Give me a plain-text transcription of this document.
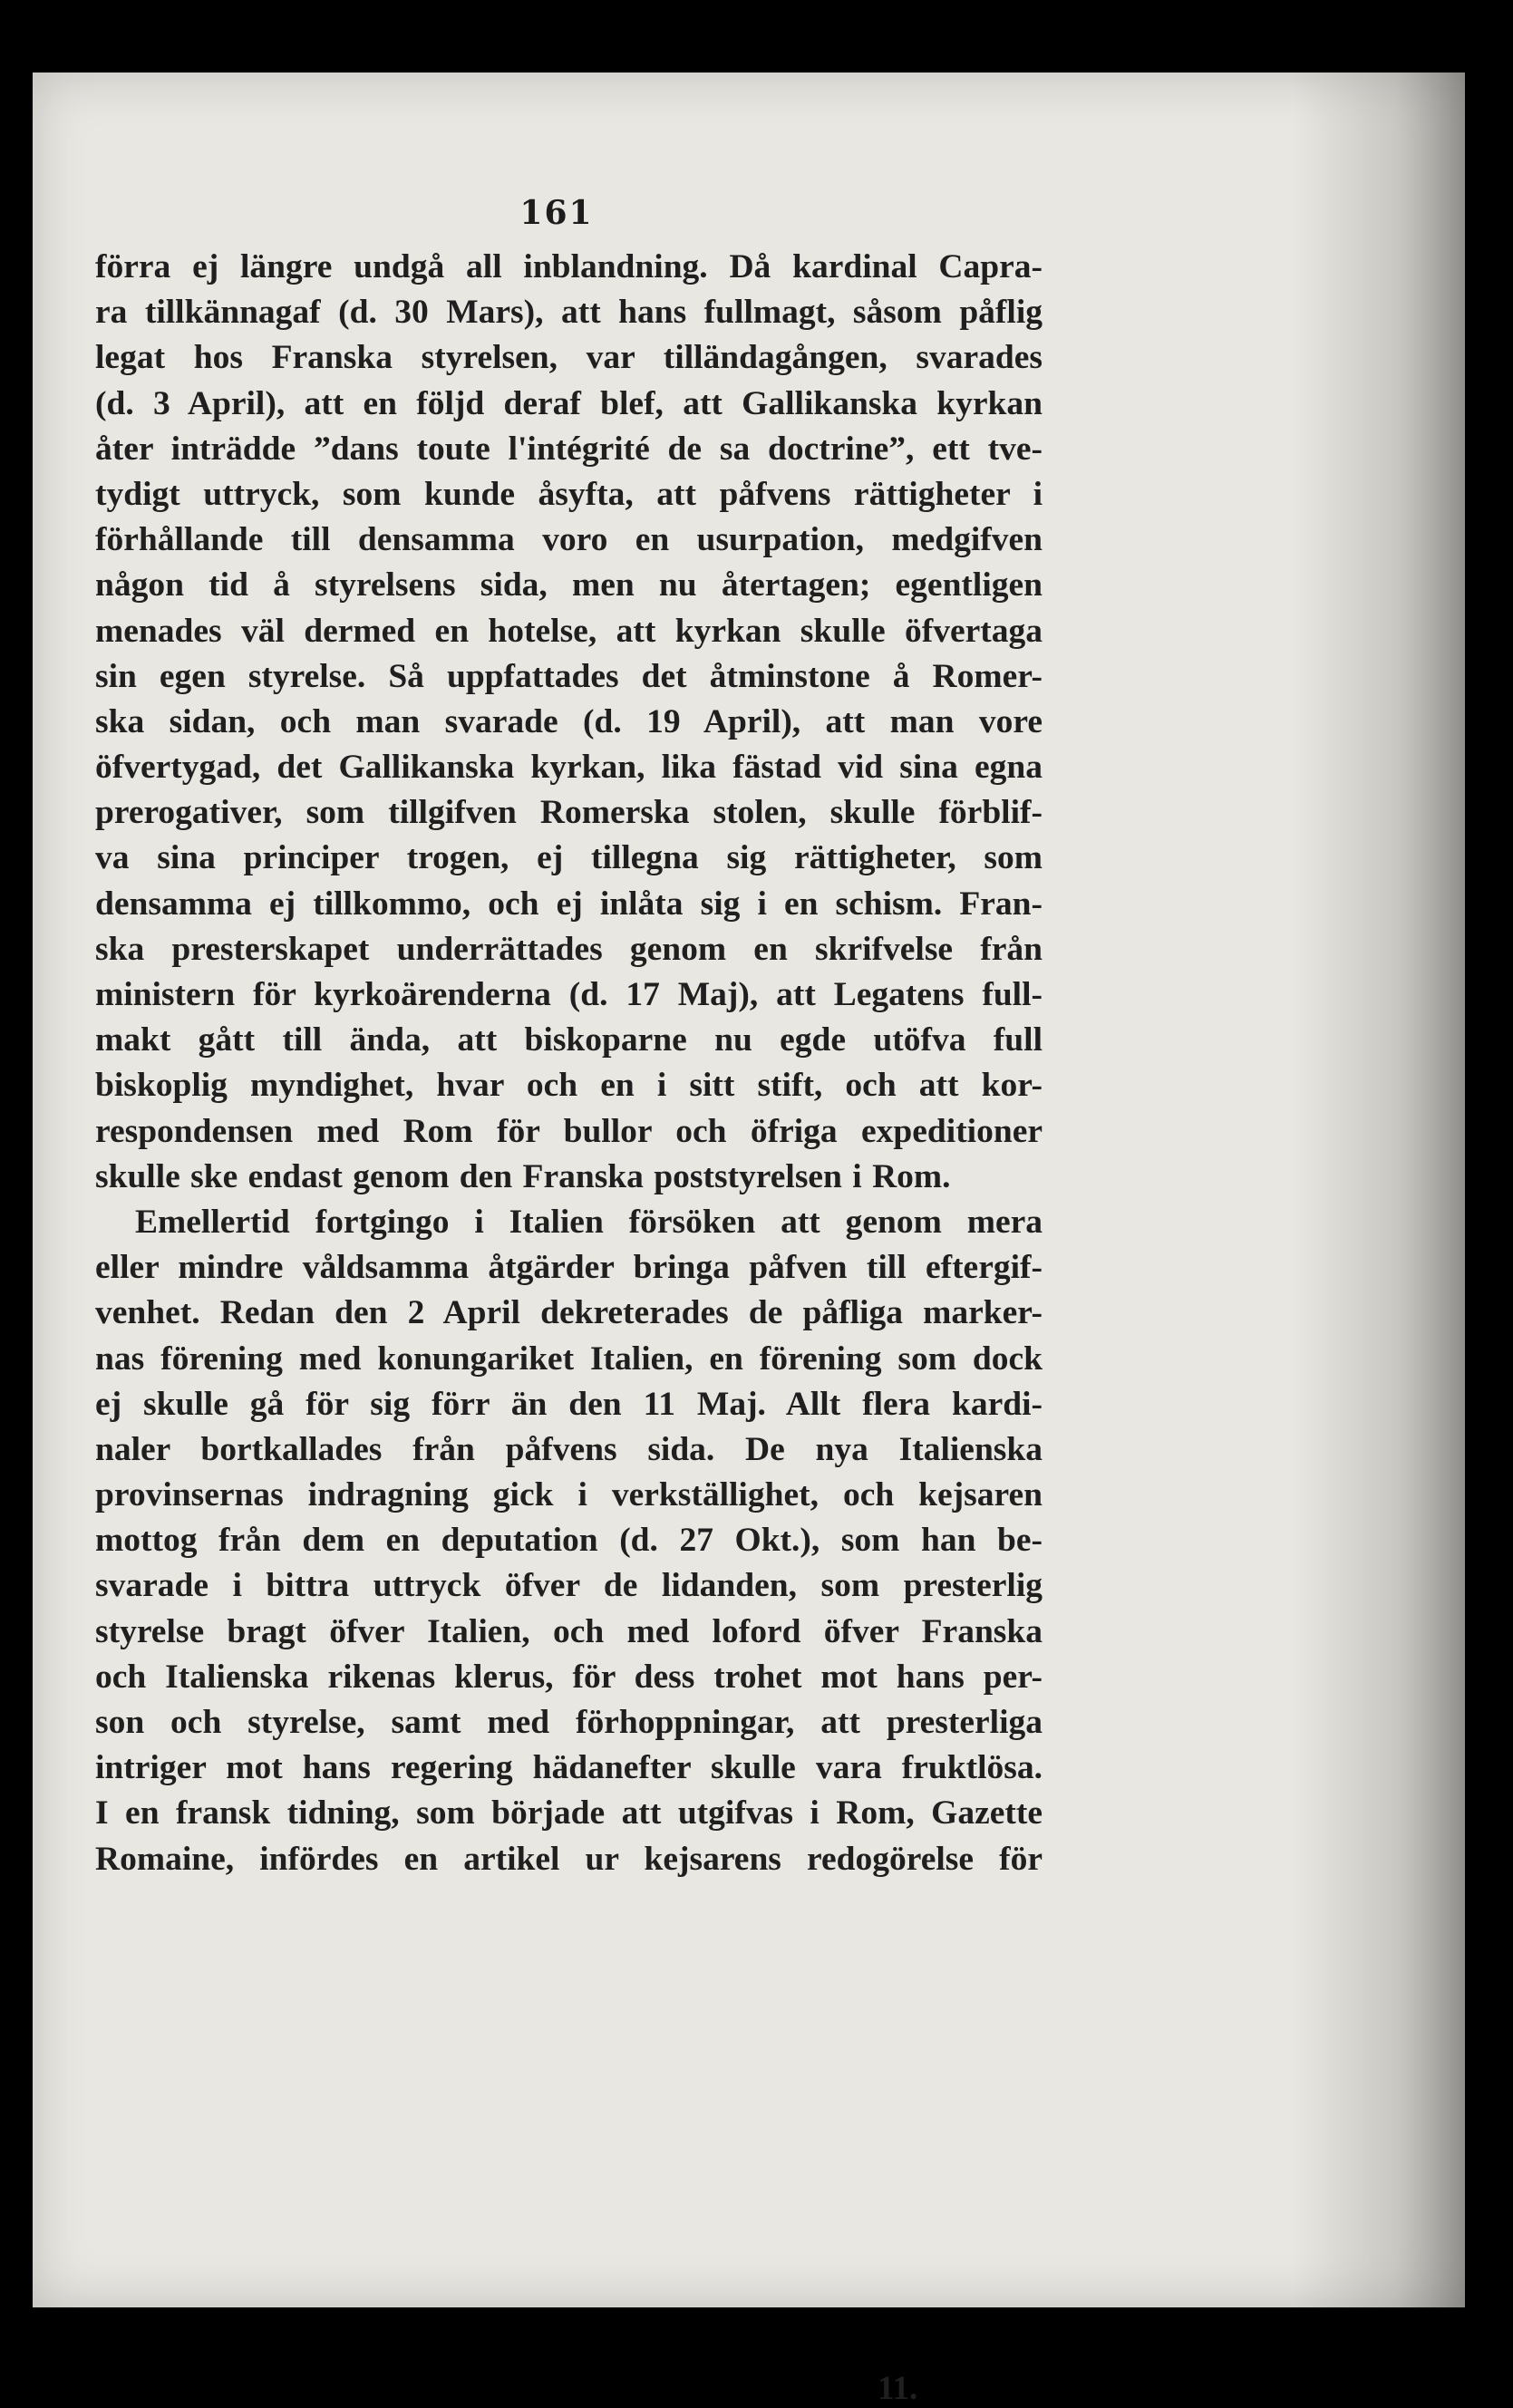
161
förra ej längre undgå all inblandning. Då kardinal Capra-
ra tillkännagaf (d. 30 Mars), att hans fullmagt, såsom påflig
legat hos Franska styrelsen, var tilländagången, svarades
(d. 3 April), att en följd deraf blef, att Gallikanska kyrkan
åter inträdde ”dans toute l'intégrité de sa doctrine”, ett tve-
tydigt uttryck, som kunde åsyfta, att påfvens rättigheter i
förhållande till densamma voro en usurpation, medgifven
någon tid å styrelsens sida, men nu återtagen; egentligen
menades väl dermed en hotelse, att kyrkan skulle öfvertaga
sin egen styrelse. Så uppfattades det åtminstone å Romer-
ska sidan, och man svarade (d. 19 April), att man vore
öfvertygad, det Gallikanska kyrkan, lika fästad vid sina egna
prerogativer, som tillgifven Romerska stolen, skulle förblif-
va sina principer trogen, ej tillegna sig rättigheter, som
densamma ej tillkommo, och ej inlåta sig i en schism. Fran-
ska presterskapet underrättades genom en skrifvelse från
ministern för kyrkoärenderna (d. 17 Maj), att Legatens full-
makt gått till ända, att biskoparne nu egde utöfva full
biskoplig myndighet, hvar och en i sitt stift, och att kor-
respondensen med Rom för bullor och öfriga expeditioner
skulle ske endast genom den Franska poststyrelsen i Rom.
Emellertid fortgingo i Italien försöken att genom mera
eller mindre våldsamma åtgärder bringa påfven till eftergif-
venhet. Redan den 2 April dekreterades de påfliga marker-
nas förening med konungariket Italien, en förening som dock
ej skulle gå för sig förr än den 11 Maj. Allt flera kardi-
naler bortkallades från påfvens sida. De nya Italienska
provinsernas indragning gick i verkställighet, och kejsaren
mottog från dem en deputation (d. 27 Okt.), som han be-
svarade i bittra uttryck öfver de lidanden, som presterlig
styrelse bragt öfver Italien, och med loford öfver Franska
och Italienska rikenas klerus, för dess trohet mot hans per-
son och styrelse, samt med förhoppningar, att presterliga
intriger mot hans regering hädanefter skulle vara fruktlösa.
I en fransk tidning, som började att utgifvas i Rom, Gazette
Romaine, infördes en artikel ur kejsarens redogörelse för
11.
